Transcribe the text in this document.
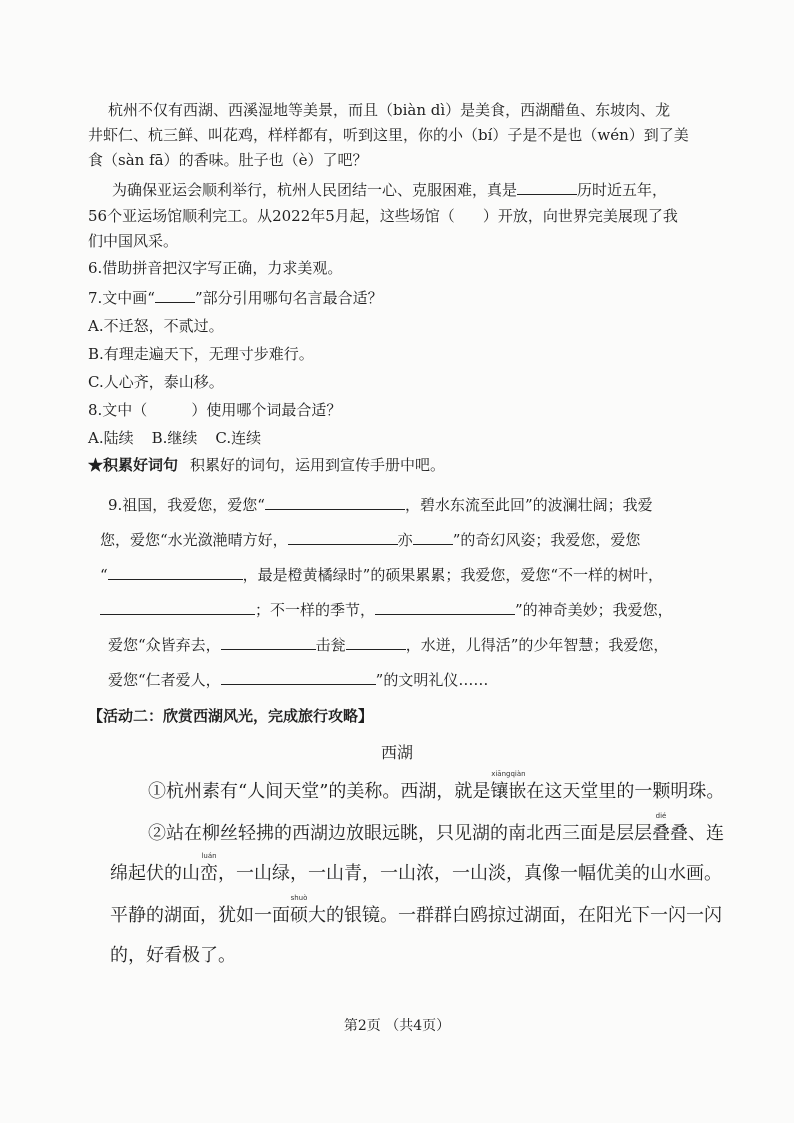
杭州不仅有西湖、西溪湿地等美景，而且（biàn dì）是美食，西湖醋鱼、东坡肉、龙
井虾仁、杭三鲜、叫花鸡，样样都有，听到这里，你的小（bí）子是不是也（wén）到了美
食（sàn fā）的香味。肚子也（è）了吧？
为确保亚运会顺利举行，杭州人民团结一心、克服困难，真是	历时近五年，
56个亚运场馆顺利完工。从2022年5月起，这些场馆（ ）开放，向世界完美展现了我
们中国风采。
6.借助拼音把汉字写正确，力求美观。
7.文中画“	”部分引用哪句名言最合适？
A.不迁怒，不贰过。
B.有理走遍天下，无理寸步难行。
C.人心齐，泰山移。
8.文中（	）使用哪个词最合适？
A.陆续 B.继续 C.连续
★积累好词句 积累好的词句，运用到宣传手册中吧。
9.祖国，我爱您，爱您“	，碧水东流至此回”的波澜壮阔；我爱
您，爱您“水光潋滟晴方好，	亦	”的奇幻风姿；我爱您，爱您
“	，最是橙黄橘绿时”的硕果累累；我爱您，爱您“不一样的树叶，
；不一样的季节，	”的神奇美妙；我爱您，
爱您“众皆弃去，	击瓮	，水迸，儿得活”的少年智慧；我爱您，
爱您“仁者爱人，	”的文明礼仪……
【活动二：欣赏西湖风光，完成旅行攻略】
西湖
①杭州素有“人间天堂”的美称。西湖，就是
xiāngqiàn
镶嵌在这天堂里的一颗明珠。
②站在柳丝轻拂的西湖边放眼远眺，只见湖的南北西三面是层层
dié
叠叠、连
绵起伏的山
luán
峦，一山绿，一山青，一山浓，一山淡，真像一幅优美的山水画。
平静的湖面，犹如一面
shuò
硕大的银镜。一群群白鸥掠过湖面，在阳光下一闪一闪
的，好看极了。
第2页 （共4页）
